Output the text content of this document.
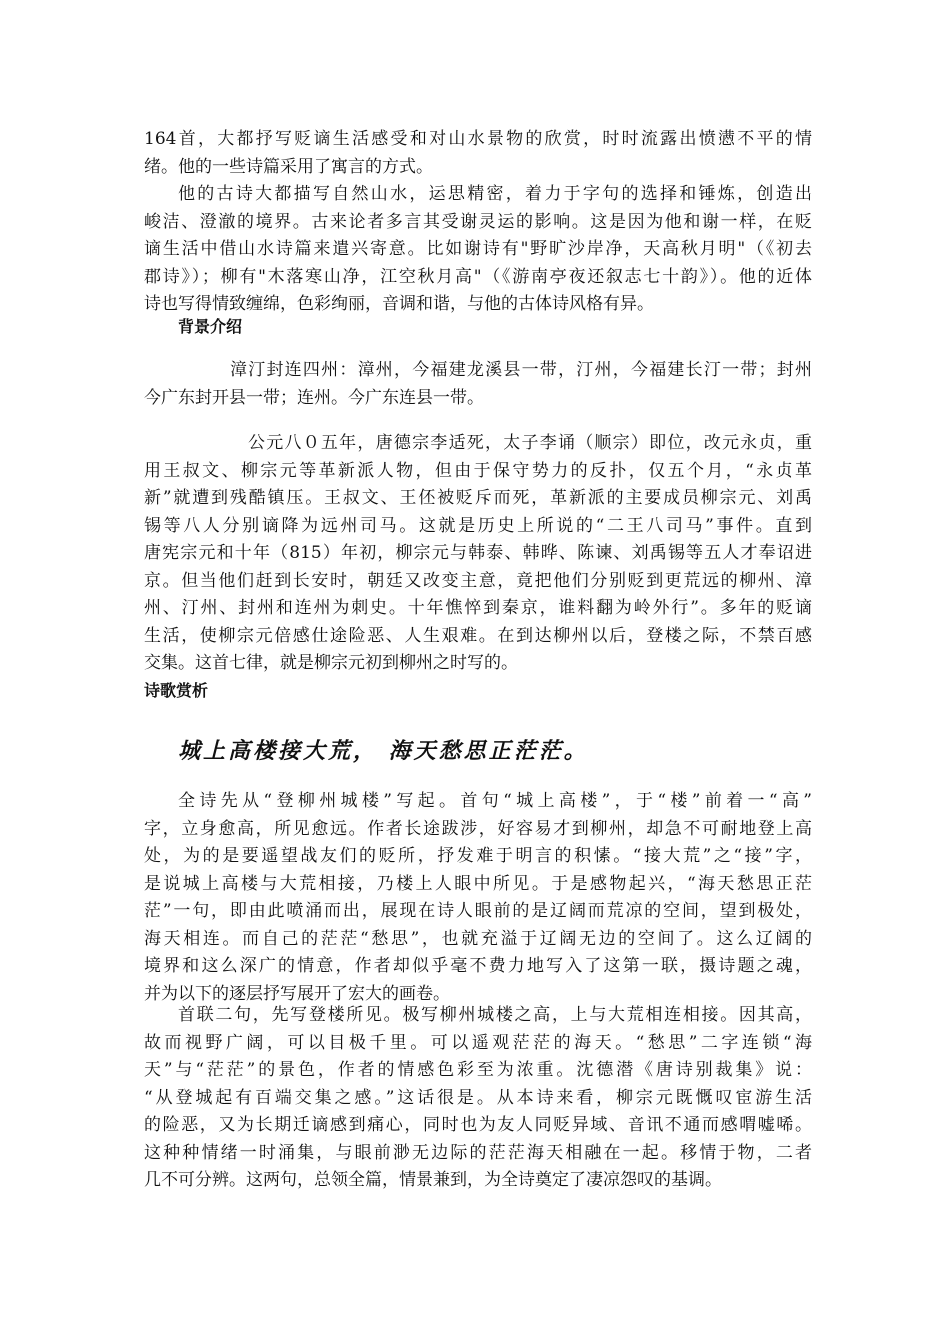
164首，大都抒写贬谪生活感受和对山水景物的欣赏，时时流露出愤懑不平的情
绪。他的一些诗篇采用了寓言的方式。
他的古诗大都描写自然山水，运思精密，着力于字句的选择和锤炼，创造出
峻洁、澄澈的境界。古来论者多言其受谢灵运的影响。这是因为他和谢一样，在贬
谪生活中借山水诗篇来遣兴寄意。比如谢诗有"野旷沙岸净，天高秋月明"（《初去
郡诗》）；柳有"木落寒山净，江空秋月高"（《游南亭夜还叙志七十韵》）。他的近体
诗也写得情致缠绵，色彩绚丽，音调和谐，与他的古体诗风格有异。
背景介绍
漳汀封连四州：漳州，今福建龙溪县一带，汀州，今福建长汀一带；封州
今广东封开县一带；连州。今广东连县一带。
公元八０五年，唐德宗李适死，太子李诵（顺宗）即位，改元永贞，重
用王叔文、柳宗元等革新派人物，但由于保守势力的反扑，仅五个月，“永贞革
新”就遭到残酷镇压。王叔文、王伾被贬斥而死，革新派的主要成员柳宗元、刘禹
锡等八人分别谪降为远州司马。这就是历史上所说的“二王八司马”事件。直到
唐宪宗元和十年（815）年初，柳宗元与韩泰、韩晔、陈谏、刘禹锡等五人才奉诏进
京。但当他们赶到长安时，朝廷又改变主意，竟把他们分别贬到更荒远的柳州、漳
州、汀州、封州和连州为刺史。十年憔悴到秦京，谁料翻为岭外行”。多年的贬谪
生活，使柳宗元倍感仕途险恶、人生艰难。在到达柳州以后，登楼之际，不禁百感
交集。这首七律，就是柳宗元初到柳州之时写的。
诗歌赏析

城上高楼接大荒， 海天愁思正茫茫。

全诗先从“登柳州城楼”写起。首句“城上高楼”，于“楼”前着一“高”
字，立身愈高，所见愈远。作者长途跋涉，好容易才到柳州，却急不可耐地登上高
处，为的是要遥望战友们的贬所，抒发难于明言的积愫。“接大荒”之“接”字，
是说城上高楼与大荒相接，乃楼上人眼中所见。于是感物起兴，“海天愁思正茫
茫”一句，即由此喷涌而出，展现在诗人眼前的是辽阔而荒凉的空间，望到极处，
海天相连。而自己的茫茫“愁思”，也就充溢于辽阔无边的空间了。这么辽阔的
境界和这么深广的情意，作者却似乎毫不费力地写入了这第一联，摄诗题之魂，
并为以下的逐层抒写展开了宏大的画卷。
首联二句，先写登楼所见。极写柳州城楼之高，上与大荒相连相接。因其高，
故而视野广阔，可以目极千里。可以遥观茫茫的海天。“愁思”二字连锁“海
天”与“茫茫”的景色，作者的情感色彩至为浓重。沈德潜《唐诗别裁集》说：
“从登城起有百端交集之感。”这话很是。从本诗来看，柳宗元既慨叹宦游生活
的险恶，又为长期迁谪感到痛心，同时也为友人同贬异域、音讯不通而感喟嘘唏。
这种种情绪一时涌集，与眼前渺无边际的茫茫海天相融在一起。移情于物，二者
几不可分辨。这两句，总领全篇，情景兼到，为全诗奠定了凄凉怨叹的基调。
